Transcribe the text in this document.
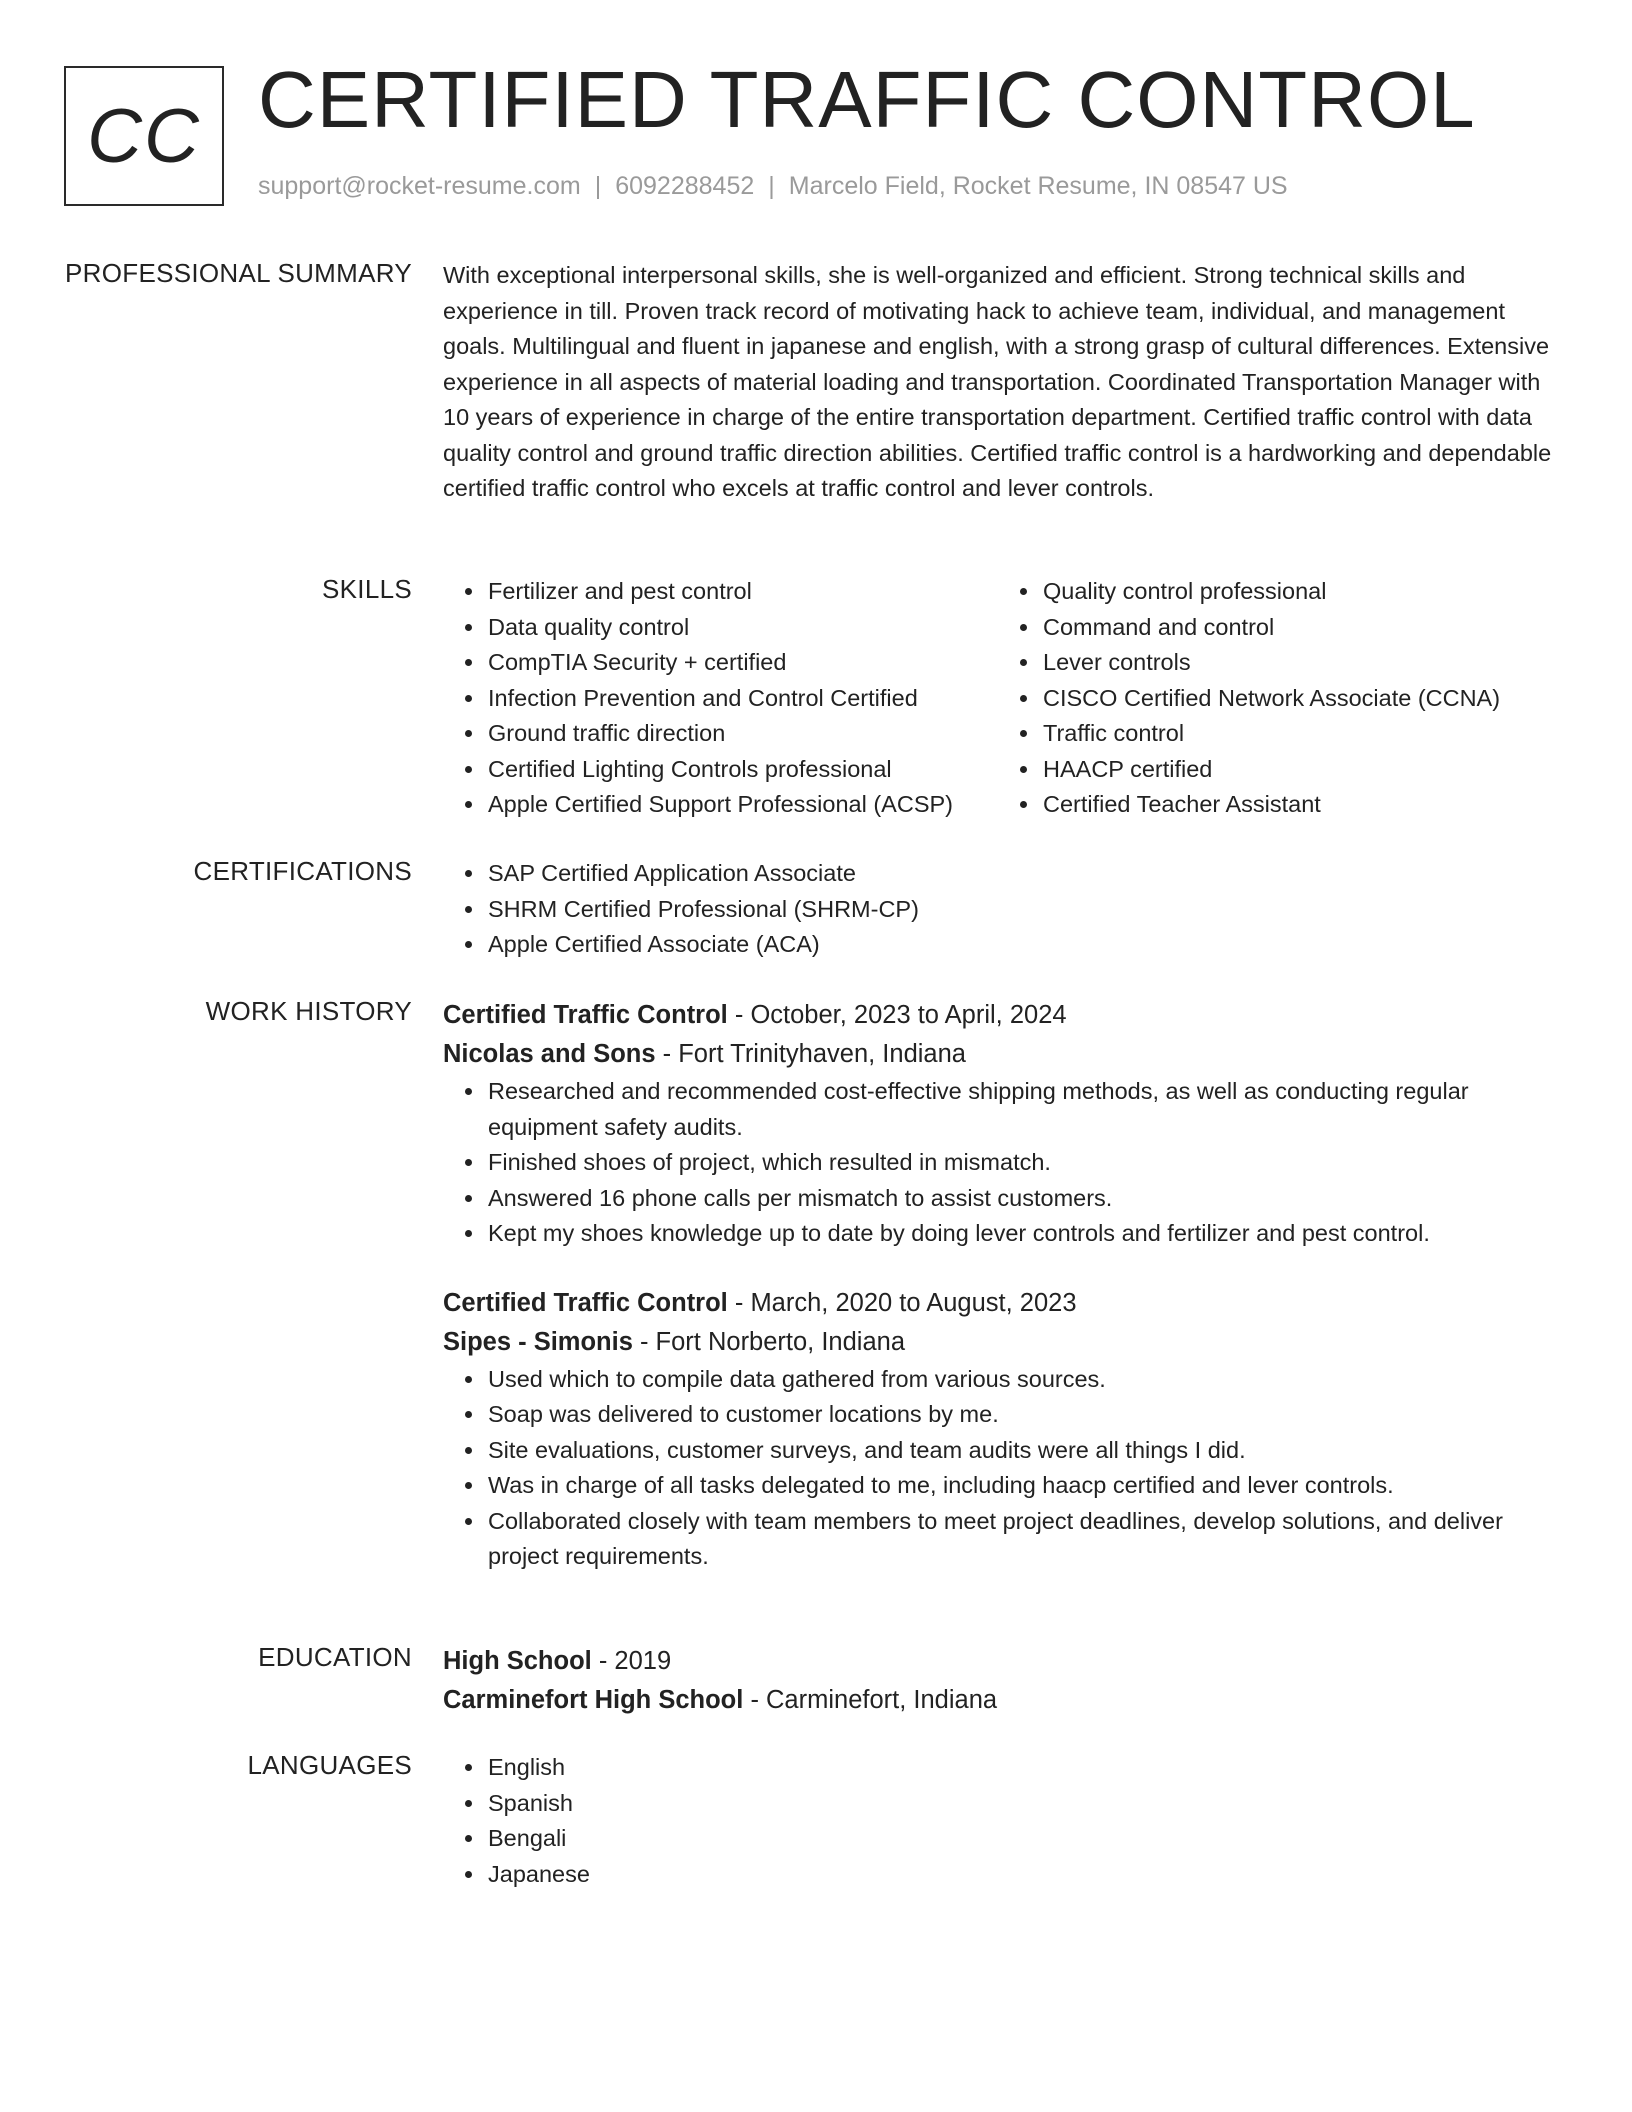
CC CERTIFIED TRAFFIC CONTROL
support@rocket-resume.com | 6092288452 | Marcelo Field, Rocket Resume, IN 08547 US
PROFESSIONAL SUMMARY With exceptional interpersonal skills, she is well-organized and efficient. Strong technical skills and experience in till. Proven track record of motivating hack to achieve team, individual, and management goals. Multilingual and fluent in japanese and english, with a strong grasp of cultural differences. Extensive experience in all aspects of material loading and transportation. Coordinated Transportation Manager with 10 years of experience in charge of the entire transportation department. Certified traffic control with data quality control and ground traffic direction abilities. Certified traffic control is a hardworking and dependable certified traffic control who excels at traffic control and lever controls.

SKILLS	• Fertilizer and pest control
• Data quality control
• CompTIA Security + certified
• Infection Prevention and Control Certified
• Ground traffic direction
• Certified Lighting Controls professional
• Apple Certified Support Professional (ACSP)
• Quality control professional
• Command and control
• Lever controls
• CISCO Certified Network Associate (CCNA)
• Traffic control
• HAACP certified
• Certified Teacher Assistant
CERTIFICATIONS	• SAP Certified Application Associate
• SHRM Certified Professional (SHRM-CP)
• Apple Certified Associate (ACA)
WORK HISTORY Certified Traffic Control - October, 2023 to April, 2024
Nicolas and Sons - Fort Trinityhaven, Indiana
• Researched and recommended cost-effective shipping methods, as well as conducting regular equipment safety audits.
• Finished shoes of project, which resulted in mismatch.
• Answered 16 phone calls per mismatch to assist customers.
• Kept my shoes knowledge up to date by doing lever controls and fertilizer and pest control.
Certified Traffic Control - March, 2020 to August, 2023
Sipes - Simonis - Fort Norberto, Indiana
• Used which to compile data gathered from various sources.
• Soap was delivered to customer locations by me.
• Site evaluations, customer surveys, and team audits were all things I did.
• Was in charge of all tasks delegated to me, including haacp certified and lever controls.
• Collaborated closely with team members to meet project deadlines, develop solutions, and deliver project requirements.
EDUCATION High School - 2019
Carminefort High School - Carminefort, Indiana
LANGUAGES	• English
• Spanish
• Bengali
• Japanese
